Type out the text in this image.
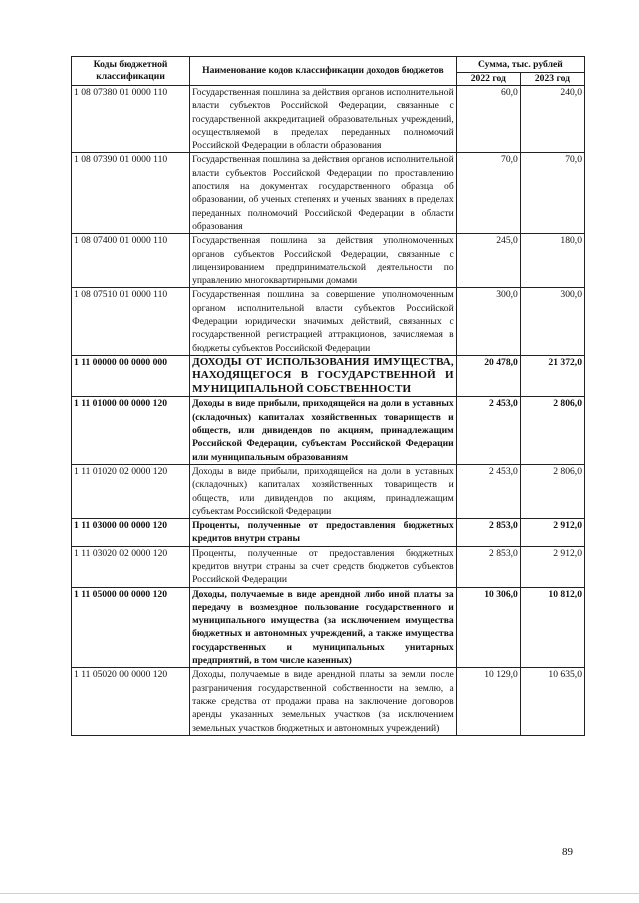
Коды бюджетной классификации	Наименование кодов классификации доходов бюджетов	Сумма, тыс. рублей	
		2022 год	2023 год
1 08 07380 01 0000 110	Государственная пошлина за действия органов исполнительной власти субъектов Российской Федерации, связанные с государственной аккредитацией образовательных учреждений, осуществляемой в пределах переданных полномочий Российской Федерации в области образования	60,0	240,0
1 08 07390 01 0000 110	Государственная пошлина за действия органов исполнительной власти субъектов Российской Федерации по проставлению апостиля на документах государственного образца об образовании, об ученых степенях и ученых званиях в пределах переданных полномочий Российской Федерации в области образования	70,0	70,0
1 08 07400 01 0000 110	Государственная пошлина за действия уполномоченных органов субъектов Российской Федерации, связанные с лицензированием предпринимательской деятельности по управлению многоквартирными домами	245,0	180,0
1 08 07510 01 0000 110	Государственная пошлина за совершение уполномоченным органом исполнительной власти субъектов Российской Федерации юридически значимых действий, связанных с государственной регистрацией аттракционов, зачисляемая в бюджеты субъектов Российской Федерации	300,0	300,0
1 11 00000 00 0000 000	ДОХОДЫ ОТ ИСПОЛЬЗОВАНИЯ ИМУЩЕСТВА, НАХОДЯЩЕГОСЯ В ГОСУДАРСТВЕННОЙ И МУНИЦИПАЛЬНОЙ СОБСТВЕННОСТИ	20 478,0	21 372,0
1 11 01000 00 0000 120	Доходы в виде прибыли, приходящейся на доли в уставных (складочных) капиталах хозяйственных товариществ и обществ, или дивидендов по акциям, принадлежащим Российской Федерации, субъектам Российской Федерации или муниципальным образованиям	2 453,0	2 806,0
1 11 01020 02 0000 120	Доходы в виде прибыли, приходящейся на доли в уставных (складочных) капиталах хозяйственных товариществ и обществ, или дивидендов по акциям, принадлежащим субъектам Российской Федерации	2 453,0	2 806,0
1 11 03000 00 0000 120	Проценты, полученные от предоставления бюджетных кредитов внутри страны	2 853,0	2 912,0
1 11 03020 02 0000 120	Проценты, полученные от предоставления бюджетных кредитов внутри страны за счет средств бюджетов субъектов Российской Федерации	2 853,0	2 912,0
1 11 05000 00 0000 120	Доходы, получаемые в виде арендной либо иной платы за передачу в возмездное пользование государственного и муниципального имущества (за исключением имущества бюджетных и автономных учреждений, а также имущества государственных и муниципальных унитарных предприятий, в том числе казенных)	10 306,0	10 812,0
1 11 05020 00 0000 120	Доходы, получаемые в виде арендной платы за земли после разграничения государственной собственности на землю, а также средства от продажи права на заключение договоров аренды указанных земельных участков (за исключением земельных участков бюджетных и автономных учреждений)	10 129,0	10 635,0
89
